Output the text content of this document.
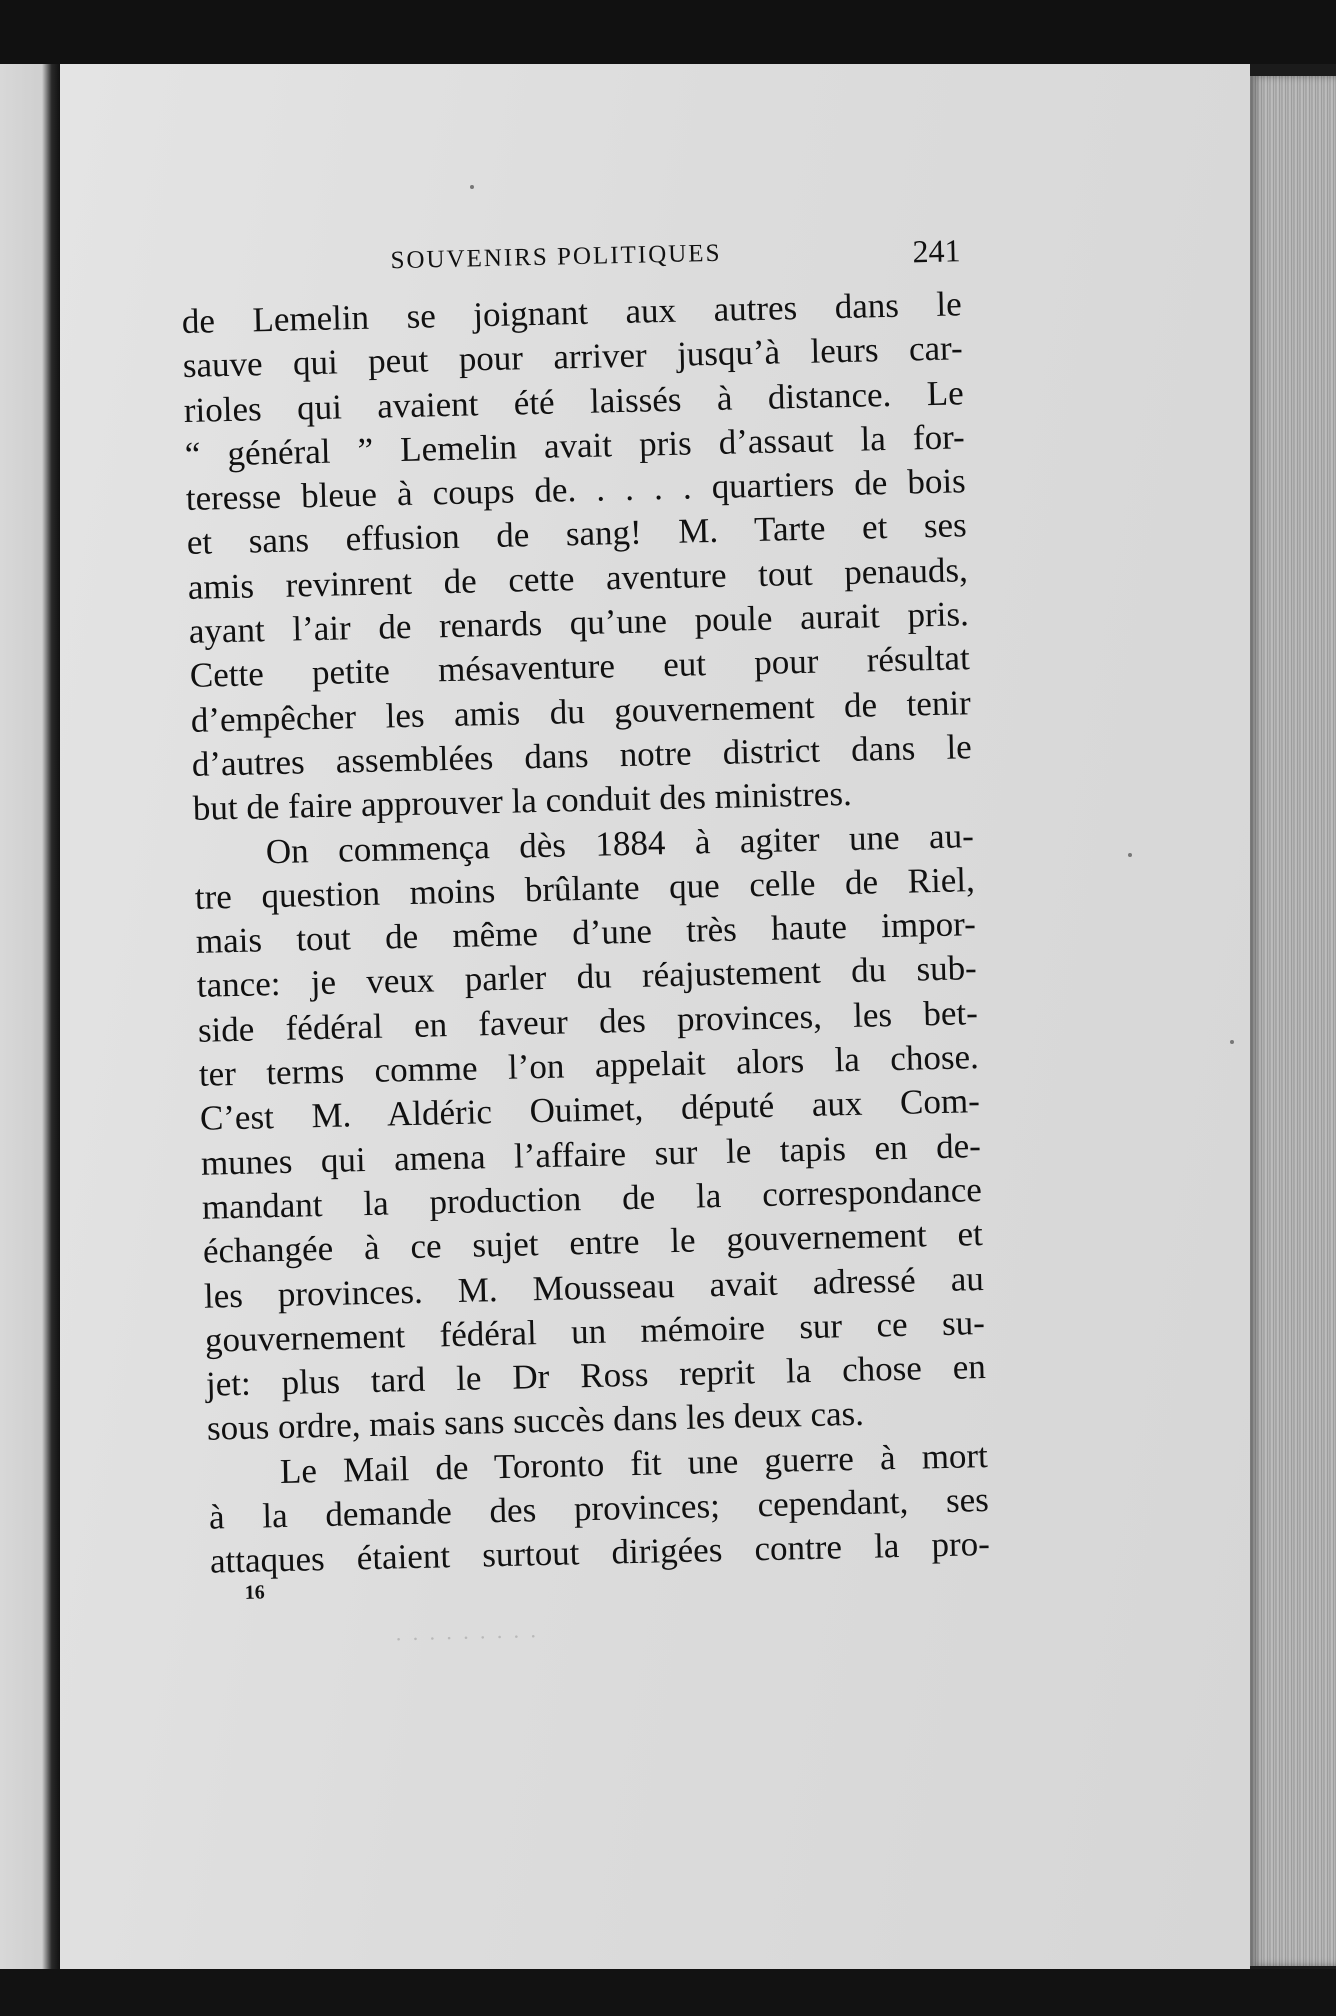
SOUVENIRS POLITIQUES	241
de Lemelin se joignant aux autres dans le
sauve qui peut pour arriver jusqu’à leurs car-
rioles qui avaient été laissés à distance. Le
“ général ” Lemelin avait pris d’assaut la for-
teresse bleue à coups de. . . . . quartiers de bois
et sans effusion de sang! M. Tarte et ses
amis revinrent de cette aventure tout penauds,
ayant l’air de renards qu’une poule aurait pris.
Cette petite mésaventure eut pour résultat
d’empêcher les amis du gouvernement de tenir
d’autres assemblées dans notre district dans le
but de faire approuver la conduit des ministres.
On commença dès 1884 à agiter une au-
tre question moins brûlante que celle de Riel,
mais tout de même d’une très haute impor-
tance: je veux parler du réajustement du sub-
side fédéral en faveur des provinces, les bet-
ter terms comme l’on appelait alors la chose.
C’est M. Aldéric Ouimet, député aux Com-
munes qui amena l’affaire sur le tapis en de-
mandant la production de la correspondance
échangée à ce sujet entre le gouvernement et
les provinces. M. Mousseau avait adressé au
gouvernement fédéral un mémoire sur ce su-
jet: plus tard le Dr Ross reprit la chose en
sous ordre, mais sans succès dans les deux cas.
Le Mail de Toronto fit une guerre à mort
à la demande des provinces; cependant, ses
attaques étaient surtout dirigées contre la pro-
16
· · · · · · · · ·
